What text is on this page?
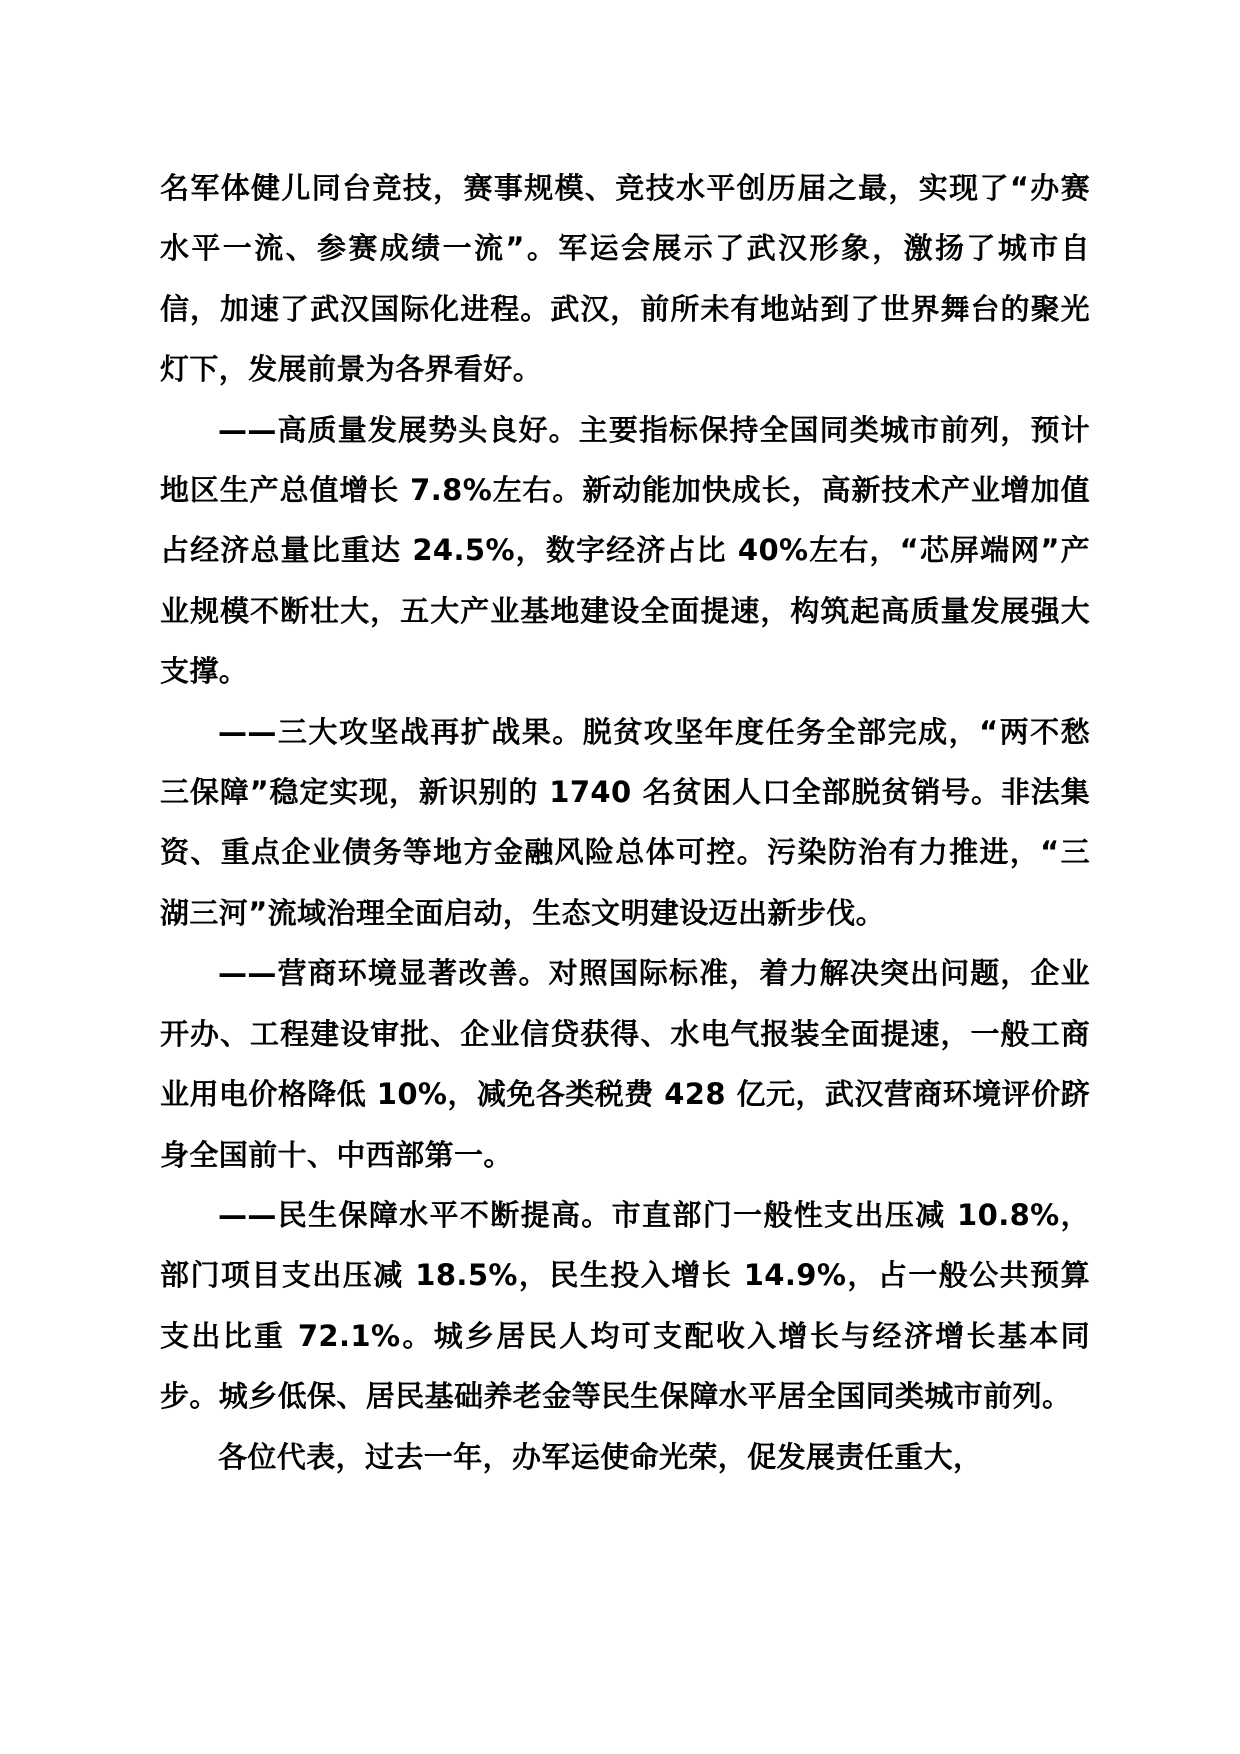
名军体健儿同台竞技，赛事规模、竞技水平创历届之最，实现了“办赛水平一流、参赛成绩一流”。军运会展示了武汉形象，激扬了城市自信，加速了武汉国际化进程。武汉，前所未有地站到了世界舞台的聚光灯下，发展前景为各界看好。

——高质量发展势头良好。主要指标保持全国同类城市前列，预计地区生产总值增长 7.8%左右。新动能加快成长，高新技术产业增加值占经济总量比重达 24.5%，数字经济占比 40%左右，“芯屏端网”产业规模不断壮大，五大产业基地建设全面提速，构筑起高质量发展强大支撑。

——三大攻坚战再扩战果。脱贫攻坚年度任务全部完成，“两不愁三保障”稳定实现，新识别的 1740 名贫困人口全部脱贫销号。非法集资、重点企业债务等地方金融风险总体可控。污染防治有力推进，“三湖三河”流域治理全面启动，生态文明建设迈出新步伐。

——营商环境显著改善。对照国际标准，着力解决突出问题，企业开办、工程建设审批、企业信贷获得、水电气报装全面提速，一般工商业用电价格降低 10%，减免各类税费 428 亿元，武汉营商环境评价跻身全国前十、中西部第一。

——民生保障水平不断提高。市直部门一般性支出压减 10.8%，部门项目支出压减 18.5%，民生投入增长 14.9%，占一般公共预算支出比重 72.1%。城乡居民人均可支配收入增长与经济增长基本同步。城乡低保、居民基础养老金等民生保障水平居全国同类城市前列。

各位代表，过去一年，办军运使命光荣，促发展责任重大，
